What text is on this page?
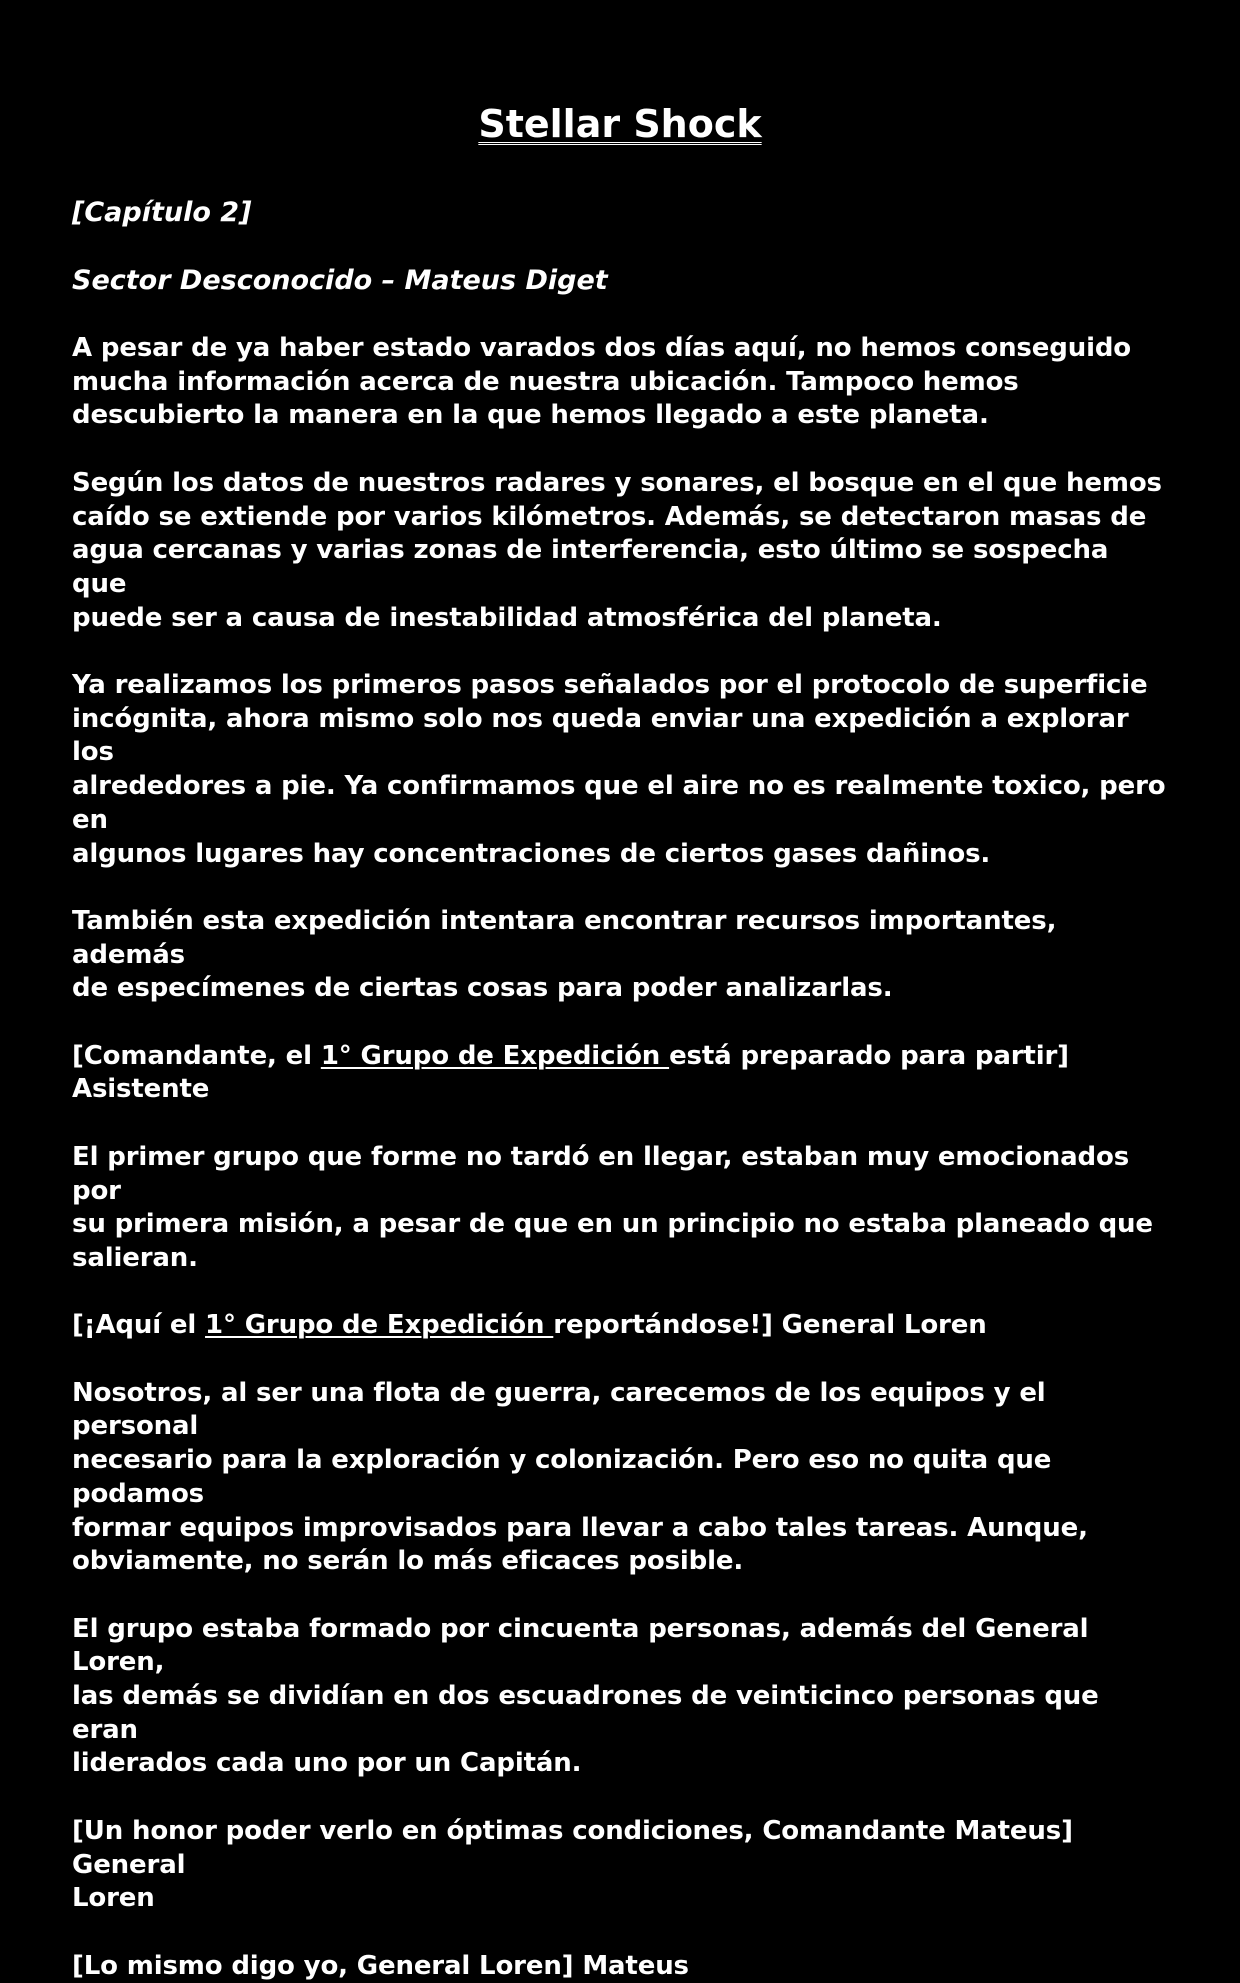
Stellar Shock

[Capítulo 2]

Sector Desconocido – Mateus Diget

A pesar de ya haber estado varados dos días aquí, no hemos conseguido
mucha información acerca de nuestra ubicación. Tampoco hemos
descubierto la manera en la que hemos llegado a este planeta.

Según los datos de nuestros radares y sonares, el bosque en el que hemos
caído se extiende por varios kilómetros. Además, se detectaron masas de
agua cercanas y varias zonas de interferencia, esto último se sospecha que
puede ser a causa de inestabilidad atmosférica del planeta.

Ya realizamos los primeros pasos señalados por el protocolo de superficie
incógnita, ahora mismo solo nos queda enviar una expedición a explorar los
alrededores a pie. Ya confirmamos que el aire no es realmente toxico, pero en
algunos lugares hay concentraciones de ciertos gases dañinos.

También esta expedición intentara encontrar recursos importantes, además
de especímenes de ciertas cosas para poder analizarlas.

[Comandante, el 1° Grupo de Expedición está preparado para partir]
Asistente

El primer grupo que forme no tardó en llegar, estaban muy emocionados por
su primera misión, a pesar de que en un principio no estaba planeado que
salieran.

[¡Aquí el 1° Grupo de Expedición reportándose!] General Loren

Nosotros, al ser una flota de guerra, carecemos de los equipos y el personal
necesario para la exploración y colonización. Pero eso no quita que podamos
formar equipos improvisados para llevar a cabo tales tareas. Aunque,
obviamente, no serán lo más eficaces posible.

El grupo estaba formado por cincuenta personas, además del General Loren,
las demás se dividían en dos escuadrones de veinticinco personas que eran
liderados cada uno por un Capitán.

[Un honor poder verlo en óptimas condiciones, Comandante Mateus] General
Loren

[Lo mismo digo yo, General Loren] Mateus
